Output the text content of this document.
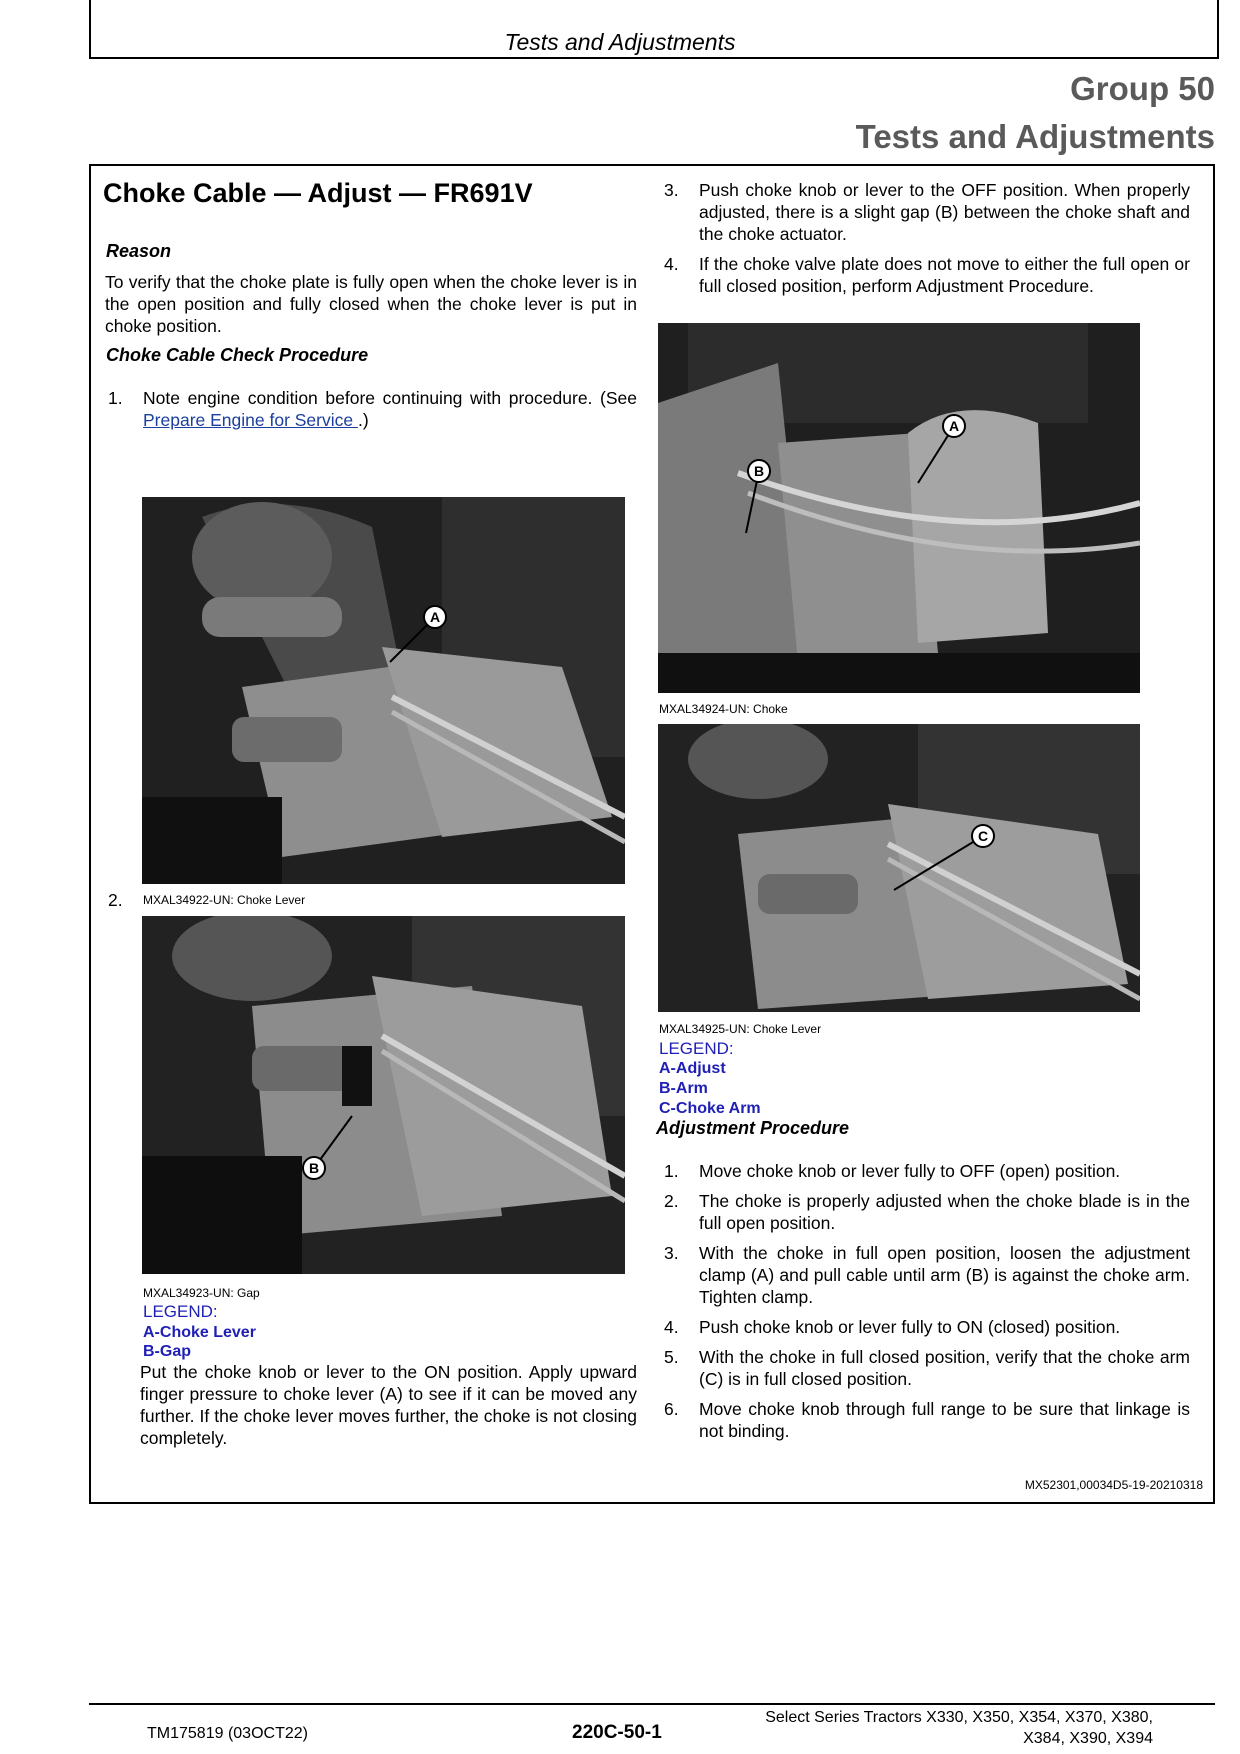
Tests and Adjustments
Group 50
Tests and Adjustments
Choke Cable — Adjust — FR691V
Reason
To verify that the choke plate is fully open when the choke lever is in the open position and fully closed when the choke lever is put in choke position.
Choke Cable Check Procedure
1. Note engine condition before continuing with procedure. (See Prepare Engine for Service .)
A
2. MXAL34922-UN: Choke Lever
B
MXAL34923-UN: Gap
LEGEND:
A-Choke Lever
B-Gap
Put the choke knob or lever to the ON position. Apply upward finger pressure to choke lever (A) to see if it can be moved any further. If the choke lever moves further, the choke is not closing completely.
3. Push choke knob or lever to the OFF position. When properly adjusted, there is a slight gap (B) between the choke shaft and the choke actuator.
4. If the choke valve plate does not move to either the full open or full closed position, perform Adjustment Procedure.
A
B
MXAL34924-UN: Choke
C
MXAL34925-UN: Choke Lever
LEGEND:
A-Adjust
B-Arm
C-Choke Arm
Adjustment Procedure
1. Move choke knob or lever fully to OFF (open) position.
2. The choke is properly adjusted when the choke blade is in the full open position.
3. With the choke in full open position, loosen the adjustment clamp (A) and pull cable until arm (B) is against the choke arm. Tighten clamp.
4. Push choke knob or lever fully to ON (closed) position.
5. With the choke in full closed position, verify that the choke arm (C) is in full closed position.
6. Move choke knob through full range to be sure that linkage is not binding.
MX52301,00034D5-19-20210318
TM175819 (03OCT22)	220C-50-1
Select Series Tractors X330, X350, X354, X370, X380,
X384, X390, X394
